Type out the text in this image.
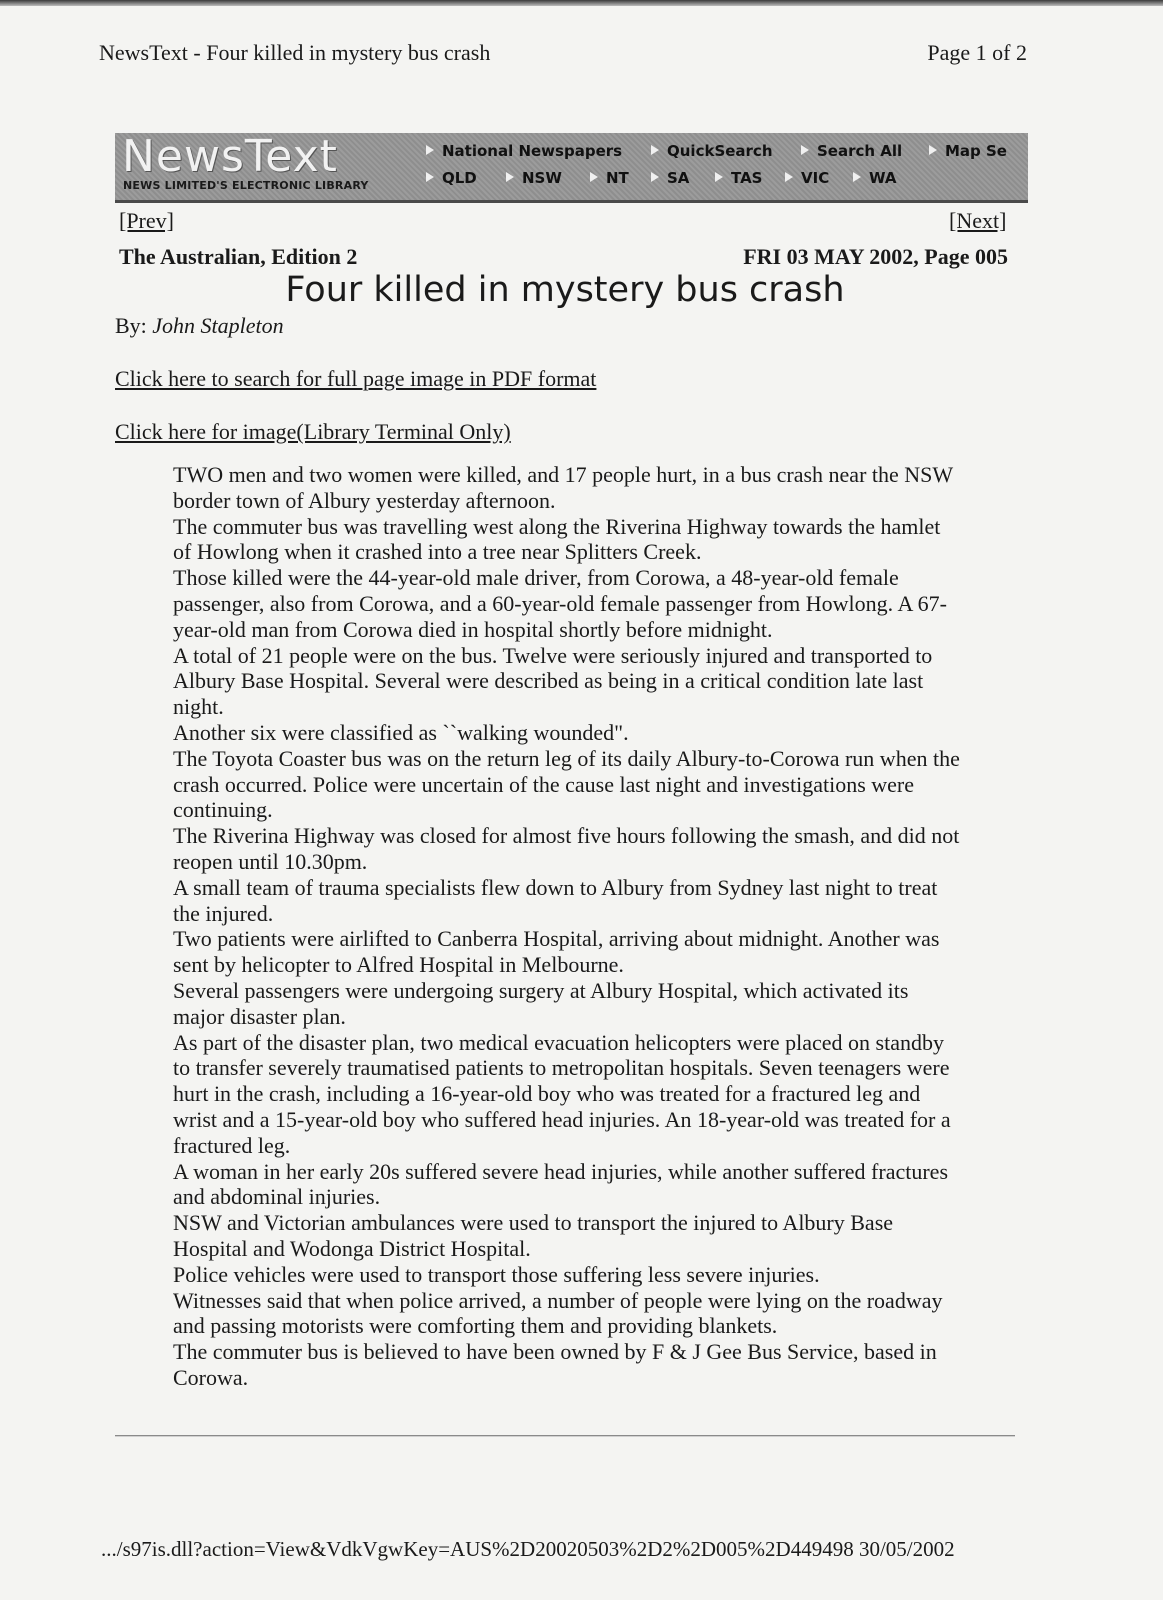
NewsText - Four killed in mystery bus crash	Page 1 of 2
NewsText
NEWS LIMITED'S ELECTRONIC LIBRARY
National Newspapers	QuickSearch	Search All	Map Se
QLD	NSW	NT	SA	TAS	VIC	WA
[Prev]	[Next]
The Australian, Edition 2	FRI 03 MAY 2002, Page 005
Four killed in mystery bus crash
By: John Stapleton
Click here to search for full page image in PDF format
Click here for image(Library Terminal Only)

TWO men and two women were killed, and 17 people hurt, in a bus crash near the NSW border town of Albury yesterday afternoon.

The commuter bus was travelling west along the Riverina Highway towards the hamlet of Howlong when it crashed into a tree near Splitters Creek.

Those killed were the 44-year-old male driver, from Corowa, a 48-year-old female passenger, also from Corowa, and a 60-year-old female passenger from Howlong. A 67-year-old man from Corowa died in hospital shortly before midnight.

A total of 21 people were on the bus. Twelve were seriously injured and transported to Albury Base Hospital. Several were described as being in a critical condition late last night.

Another six were classified as ``walking wounded".

The Toyota Coaster bus was on the return leg of its daily Albury-to-Corowa run when the crash occurred. Police were uncertain of the cause last night and investigations were continuing.

The Riverina Highway was closed for almost five hours following the smash, and did not reopen until 10.30pm.

A small team of trauma specialists flew down to Albury from Sydney last night to treat the injured.

Two patients were airlifted to Canberra Hospital, arriving about midnight. Another was sent by helicopter to Alfred Hospital in Melbourne.

Several passengers were undergoing surgery at Albury Hospital, which activated its major disaster plan.

As part of the disaster plan, two medical evacuation helicopters were placed on standby to transfer severely traumatised patients to metropolitan hospitals. Seven teenagers were hurt in the crash, including a 16-year-old boy who was treated for a fractured leg and wrist and a 15-year-old boy who suffered head injuries. An 18-year-old was treated for a fractured leg.

A woman in her early 20s suffered severe head injuries, while another suffered fractures and abdominal injuries.

NSW and Victorian ambulances were used to transport the injured to Albury Base Hospital and Wodonga District Hospital.

Police vehicles were used to transport those suffering less severe injuries.

Witnesses said that when police arrived, a number of people were lying on the roadway and passing motorists were comforting them and providing blankets.

The commuter bus is believed to have been owned by F & J Gee Bus Service, based in Corowa.

.../s97is.dll?action=View&VdkVgwKey=AUS%2D20020503%2D2%2D005%2D449498 30/05/2002
